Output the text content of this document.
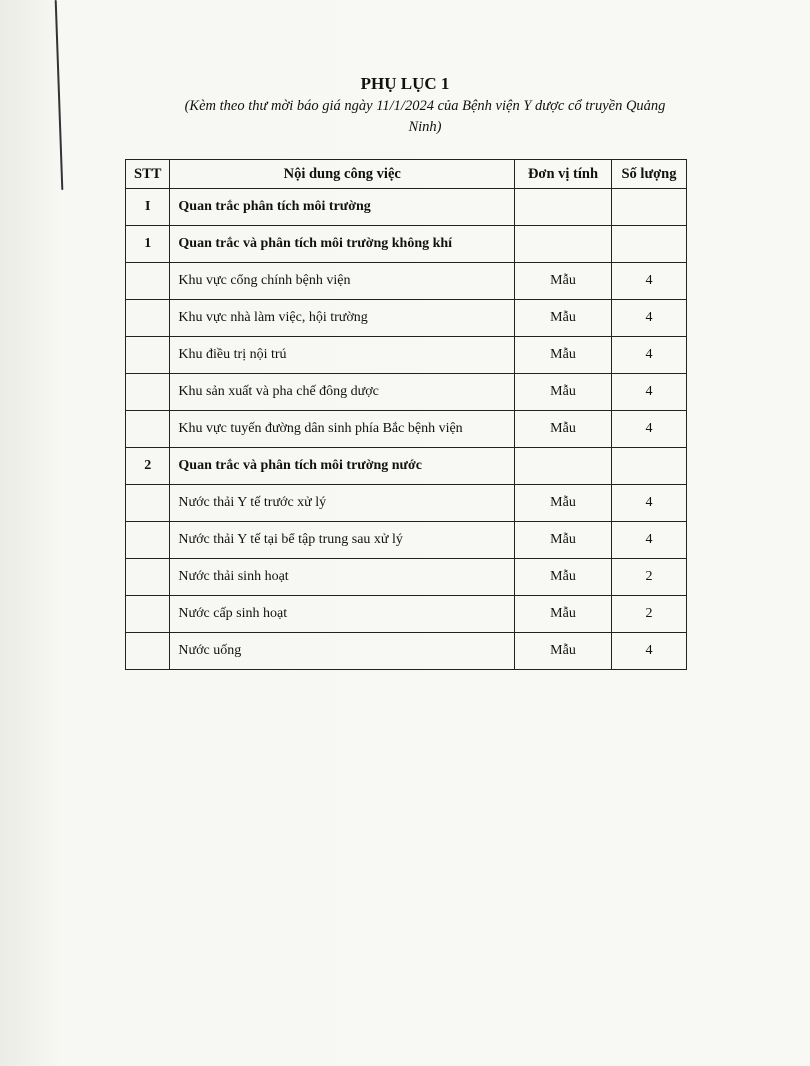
PHỤ LỤC 1
(Kèm theo thư mời báo giá ngày 11/1/2024 của Bệnh viện Y dược cổ truyền Quảng Ninh)
STT	Nội dung công việc	Đơn vị tính	Số lượng
I	Quan trắc phân tích môi trường		
1	Quan trắc và phân tích môi trường không khí		
	Khu vực cổng chính bệnh viện	Mẫu	4
	Khu vực nhà làm việc, hội trường	Mẫu	4
	Khu điều trị nội trú	Mẫu	4
	Khu sản xuất và pha chế đông dược	Mẫu	4
	Khu vực tuyến đường dân sinh phía Bắc bệnh viện	Mẫu	4
2	Quan trắc và phân tích môi trường nước		
	Nước thải Y tế trước xử lý	Mẫu	4
	Nước thải Y tế tại bể tập trung sau xử lý	Mẫu	4
	Nước thải sinh hoạt	Mẫu	2
	Nước cấp sinh hoạt	Mẫu	2
	Nước uống	Mẫu	4
